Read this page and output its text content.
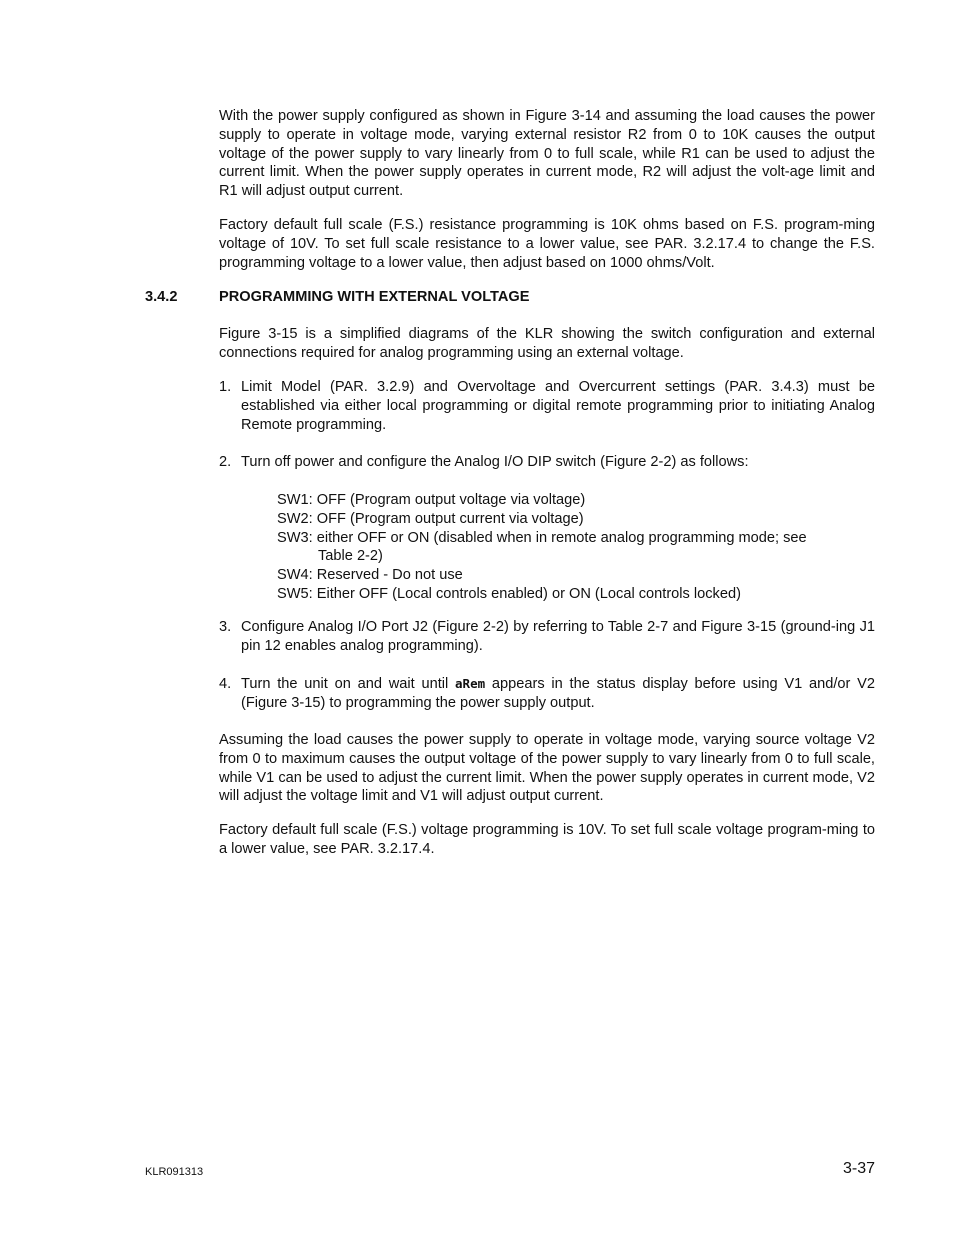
With the power supply configured as shown in Figure 3-14 and assuming the load causes the power supply to operate in voltage mode, varying external resistor R2 from 0 to 10K causes the output voltage of the power supply to vary linearly from 0 to full scale, while R1 can be used to adjust the current limit. When the power supply operates in current mode, R2 will adjust the volt-age limit and R1 will adjust output current.

Factory default full scale (F.S.) resistance programming is 10K ohms based on F.S. program-ming voltage of 10V. To set full scale resistance to a lower value, see PAR. 3.2.17.4 to change the F.S. programming voltage to a lower value, then adjust based on 1000 ohms/Volt.

3.4.2	PROGRAMMING WITH EXTERNAL VOLTAGE

Figure 3-15 is a simplified diagrams of the KLR showing the switch configuration and external connections required for analog programming using an external voltage.

1. Limit Model (PAR. 3.2.9) and Overvoltage and Overcurrent settings (PAR. 3.4.3) must be established via either local programming or digital remote programming prior to initiating Analog Remote programming.
2. Turn off power and configure the Analog I/O DIP switch (Figure 2-2) as follows:
SW1: OFF (Program output voltage via voltage)
SW2: OFF (Program output current via voltage)
SW3: either OFF or ON (disabled when in remote analog programming mode; see
Table 2-2)
SW4: Reserved - Do not use
SW5: Either OFF (Local controls enabled) or ON (Local controls locked)
3. Configure Analog I/O Port J2 (Figure 2-2) by referring to Table 2-7 and Figure 3-15 (ground-ing J1 pin 12 enables analog programming).
4. Turn the unit on and wait until aRem appears in the status display before using V1 and/or V2 (Figure 3-15) to programming the power supply output.

Assuming the load causes the power supply to operate in voltage mode, varying source voltage V2 from 0 to maximum causes the output voltage of the power supply to vary linearly from 0 to full scale, while V1 can be used to adjust the current limit. When the power supply operates in current mode, V2 will adjust the voltage limit and V1 will adjust output current.

Factory default full scale (F.S.) voltage programming is 10V. To set full scale voltage program-ming to a lower value, see PAR. 3.2.17.4.

KLR091313	3-37
